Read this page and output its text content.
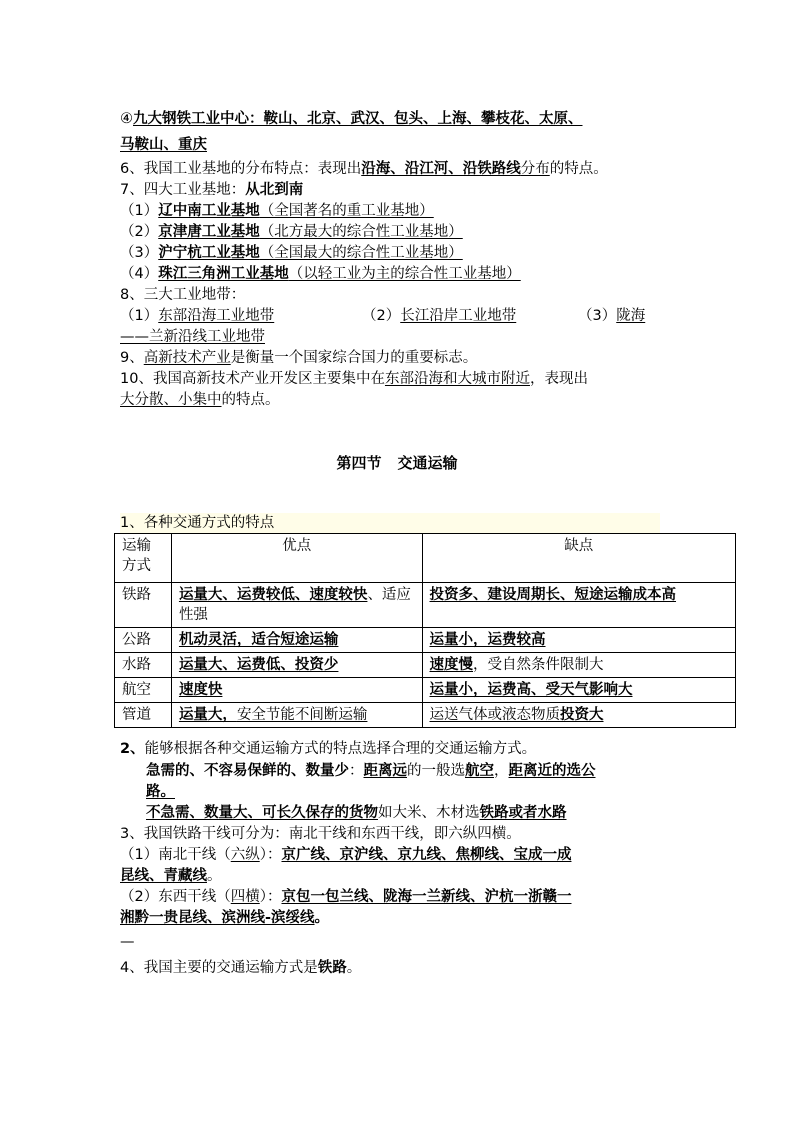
④九大钢铁工业中心：鞍山、北京、武汉、包头、上海、攀枝花、太原、
马鞍山、重庆
6、我国工业基地的分布特点：表现出沿海、沿江河、沿铁路线分布的特点。
7、四大工业基地：从北到南
（1）辽中南工业基地（全国著名的重工业基地）
（2）京津唐工业基地（北方最大的综合性工业基地）
（3）沪宁杭工业基地（全国最大的综合性工业基地）
（4）珠江三角洲工业基地（以轻工业为主的综合性工业基地）
8、三大工业地带：
（1）东部沿海工业地带	（2）长江沿岸工业地带	（3）陇海
——兰新沿线工业地带
9、高新技术产业是衡量一个国家综合国力的重要标志。
10、我国高新技术产业开发区主要集中在东部沿海和大城市附近，表现出
大分散、小集中的特点。
第四节 交通运输
1、各种交通方式的特点
运输
方式	优点	缺点
铁路	运量大、运费较低、速度较快、适应性强	投资多、建设周期长、短途运输成本高
公路	机动灵活，适合短途运输	运量小，运费较高
水路	运量大、运费低、投资少	速度慢，受自然条件限制大
航空	速度快	运量小，运费高、受天气影响大
管道	运量大，安全节能不间断运输	运送气体或液态物质投资大
2、能够根据各种交通运输方式的特点选择合理的交通运输方式。
急需的、不容易保鲜的、数量少：距离远的一般选航空，距离近的选公
路。
不急需、数量大、可长久保存的货物如大米、木材选铁路或者水路
3、我国铁路干线可分为：南北干线和东西干线，即六纵四横。
（1）南北干线（六纵）：京广线、京沪线、京九线、焦柳线、宝成一成
昆线、青藏线。
（2）东西干线（四横）：京包一包兰线、陇海一兰新线、沪杭一浙赣一
湘黔一贵昆线、滨洲线-滨绥线。
—
4、我国主要的交通运输方式是铁路。
